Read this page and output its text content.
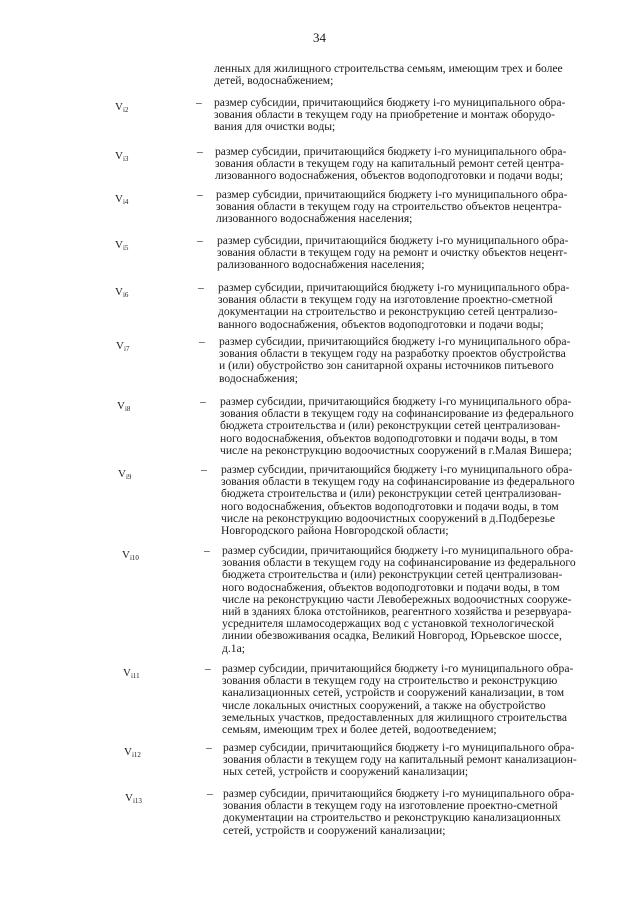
34
ленных для жилищного строительства семьям, имеющим трех и более
детей, водоснабжением;
$V_{i2}$
– размер субсидии, причитающийся бюджету i-го муниципального обра-
зования области в текущем году на приобретение и монтаж оборудо-
вания для очистки воды;
$V_{i3}$
– размер субсидии, причитающийся бюджету i-го муниципального обра-
зования области в текущем году на капитальный ремонт сетей центра-
лизованного водоснабжения, объектов водоподготовки и подачи воды;
$V_{i4}$
– размер субсидии, причитающийся бюджету i-го муниципального обра-
зования области в текущем году на строительство объектов нецентра-
лизованного водоснабжения населения;
$V_{i5}$
– размер субсидии, причитающийся бюджету i-го муниципального обра-
зования области в текущем году на ремонт и очистку объектов нецент-
рализованного водоснабжения населения;
$V_{i6}$
– размер субсидии, причитающийся бюджету i-го муниципального обра-
зования области в текущем году на изготовление проектно-сметной
документации на строительство и реконструкцию сетей централизо-
ванного водоснабжения, объектов водоподготовки и подачи воды;
$V_{i7}$
– размер субсидии, причитающийся бюджету i-го муниципального обра-
зования области в текущем году на разработку проектов обустройства
и (или) обустройство зон санитарной охраны источников питьевого
водоснабжения;
$V_{i8}$
– размер субсидии, причитающийся бюджету i-го муниципального обра-
зования области в текущем году на софинансирование из федерального
бюджета строительства и (или) реконструкции сетей централизован-
ного водоснабжения, объектов водоподготовки и подачи воды, в том
числе на реконструкцию водоочистных сооружений в г.Малая Вишера;
$V_{i9}$
– размер субсидии, причитающийся бюджету i-го муниципального обра-
зования области в текущем году на софинансирование из федерального
бюджета строительства и (или) реконструкции сетей централизован-
ного водоснабжения, объектов водоподготовки и подачи воды, в том
числе на реконструкцию водоочистных сооружений в д.Подберезье
Новгородского района Новгородской области;
$V_{i10}$
– размер субсидии, причитающийся бюджету i-го муниципального обра-
зования области в текущем году на софинансирование из федерального
бюджета строительства и (или) реконструкции сетей централизован-
ного водоснабжения, объектов водоподготовки и подачи воды, в том
числе на реконструкцию части Левобережных водоочистных сооруже-
ний в зданиях блока отстойников, реагентного хозяйства и резервуара-
усреднителя шламосодержащих вод с установкой технологической
линии обезвоживания осадка, Великий Новгород, Юрьевское шоссе,
д.1а;
$V_{i11}$
– размер субсидии, причитающийся бюджету i-го муниципального обра-
зования области в текущем году на строительство и реконструкцию
канализационных сетей, устройств и сооружений канализации, в том
числе локальных очистных сооружений, а также на обустройство
земельных участков, предоставленных для жилищного строительства
семьям, имеющим трех и более детей, водоотведением;
$V_{i12}$
– размер субсидии, причитающийся бюджету i-го муниципального обра-
зования области в текущем году на капитальный ремонт канализацион-
ных сетей, устройств и сооружений канализации;
$V_{i13}$
– размер субсидии, причитающийся бюджету i-го муниципального обра-
зования области в текущем году на изготовление проектно-сметной
документации на строительство и реконструкцию канализационных
сетей, устройств и сооружений канализации;
